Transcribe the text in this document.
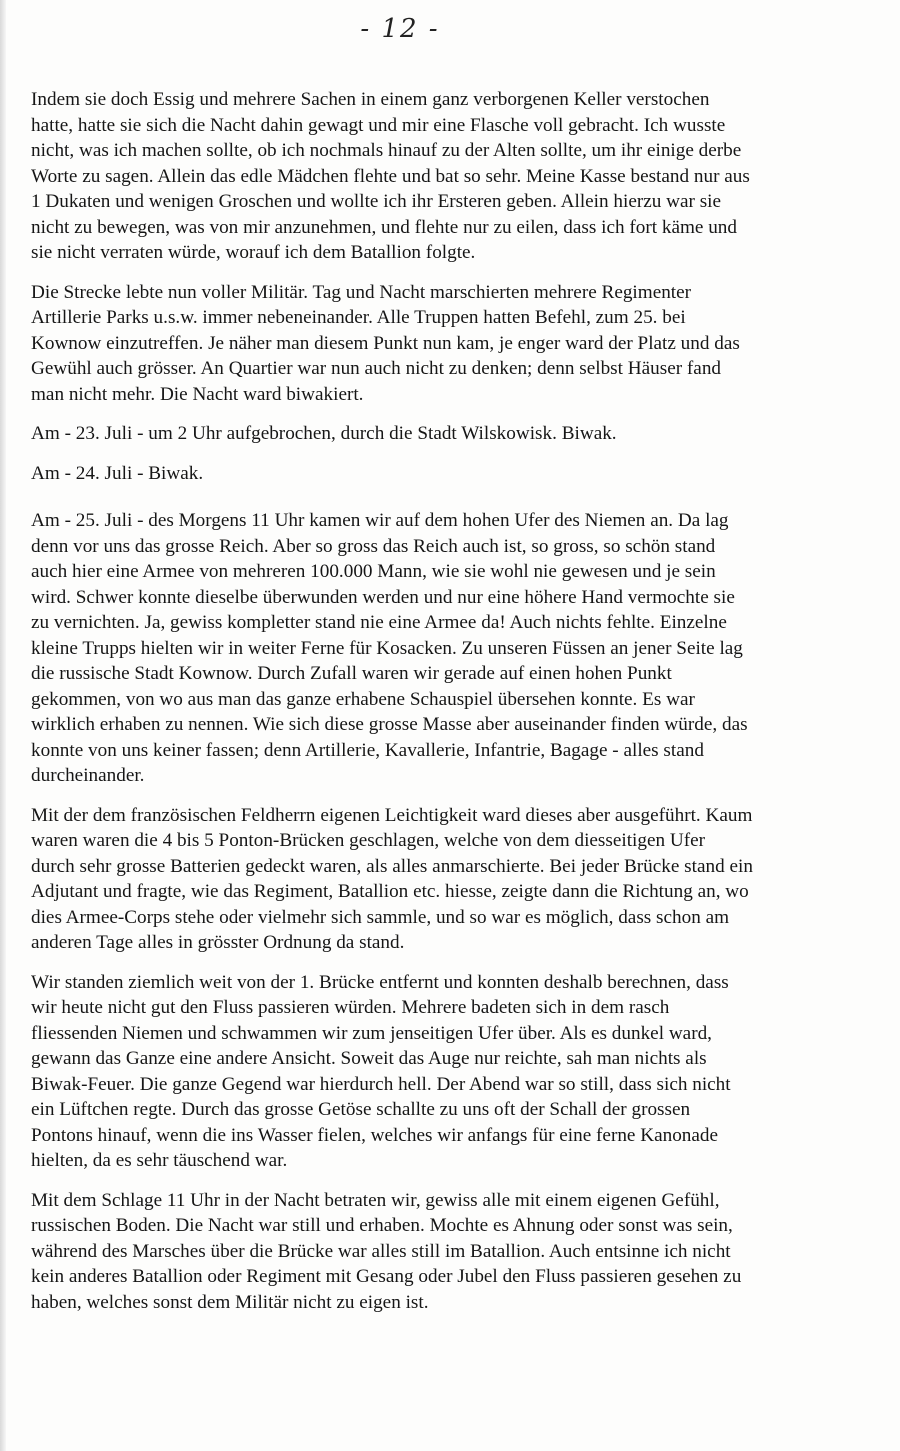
- 12 -

Indem sie doch Essig und mehrere Sachen in einem ganz verborgenen Keller verstochen
hatte, hatte sie sich die Nacht dahin gewagt und mir eine Flasche voll gebracht. Ich wusste
nicht, was ich machen sollte, ob ich nochmals hinauf zu der Alten sollte, um ihr einige derbe
Worte zu sagen. Allein das edle Mädchen flehte und bat so sehr. Meine Kasse bestand nur aus
1 Dukaten und wenigen Groschen und wollte ich ihr Ersteren geben. Allein hierzu war sie
nicht zu bewegen, was von mir anzunehmen, und flehte nur zu eilen, dass ich fort käme und
sie nicht verraten würde, worauf ich dem Batallion folgte.

Die Strecke lebte nun voller Militär. Tag und Nacht marschierten mehrere Regimenter
Artillerie Parks u.s.w. immer nebeneinander. Alle Truppen hatten Befehl, zum 25. bei
Kownow einzutreffen. Je näher man diesem Punkt nun kam, je enger ward der Platz und das
Gewühl auch grösser. An Quartier war nun auch nicht zu denken; denn selbst Häuser fand
man nicht mehr. Die Nacht ward biwakiert.

Am - 23. Juli - um 2 Uhr aufgebrochen, durch die Stadt Wilskowisk. Biwak.

Am - 24. Juli - Biwak.

Am - 25. Juli - des Morgens 11 Uhr kamen wir auf dem hohen Ufer des Niemen an. Da lag
denn vor uns das grosse Reich. Aber so gross das Reich auch ist, so gross, so schön stand
auch hier eine Armee von mehreren 100.000 Mann, wie sie wohl nie gewesen und je sein
wird. Schwer konnte dieselbe überwunden werden und nur eine höhere Hand vermochte sie
zu vernichten. Ja, gewiss kompletter stand nie eine Armee da! Auch nichts fehlte. Einzelne
kleine Trupps hielten wir in weiter Ferne für Kosacken. Zu unseren Füssen an jener Seite lag
die russische Stadt Kownow. Durch Zufall waren wir gerade auf einen hohen Punkt
gekommen, von wo aus man das ganze erhabene Schauspiel übersehen konnte. Es war
wirklich erhaben zu nennen. Wie sich diese grosse Masse aber auseinander finden würde, das
konnte von uns keiner fassen; denn Artillerie, Kavallerie, Infantrie, Bagage - alles stand
durcheinander.

Mit der dem französischen Feldherrn eigenen Leichtigkeit ward dieses aber ausgeführt. Kaum
waren waren die 4 bis 5 Ponton-Brücken geschlagen, welche von dem diesseitigen Ufer
durch sehr grosse Batterien gedeckt waren, als alles anmarschierte. Bei jeder Brücke stand ein
Adjutant und fragte, wie das Regiment, Batallion etc. hiesse, zeigte dann die Richtung an, wo
dies Armee-Corps stehe oder vielmehr sich sammle, und so war es möglich, dass schon am
anderen Tage alles in grösster Ordnung da stand.

Wir standen ziemlich weit von der 1. Brücke entfernt und konnten deshalb berechnen, dass
wir heute nicht gut den Fluss passieren würden. Mehrere badeten sich in dem rasch
fliessenden Niemen und schwammen wir zum jenseitigen Ufer über. Als es dunkel ward,
gewann das Ganze eine andere Ansicht. Soweit das Auge nur reichte, sah man nichts als
Biwak-Feuer. Die ganze Gegend war hierdurch hell. Der Abend war so still, dass sich nicht
ein Lüftchen regte. Durch das grosse Getöse schallte zu uns oft der Schall der grossen
Pontons hinauf, wenn die ins Wasser fielen, welches wir anfangs für eine ferne Kanonade
hielten, da es sehr täuschend war.

Mit dem Schlage 11 Uhr in der Nacht betraten wir, gewiss alle mit einem eigenen Gefühl,
russischen Boden. Die Nacht war still und erhaben. Mochte es Ahnung oder sonst was sein,
während des Marsches über die Brücke war alles still im Batallion. Auch entsinne ich nicht
kein anderes Batallion oder Regiment mit Gesang oder Jubel den Fluss passieren gesehen zu
haben, welches sonst dem Militär nicht zu eigen ist.
